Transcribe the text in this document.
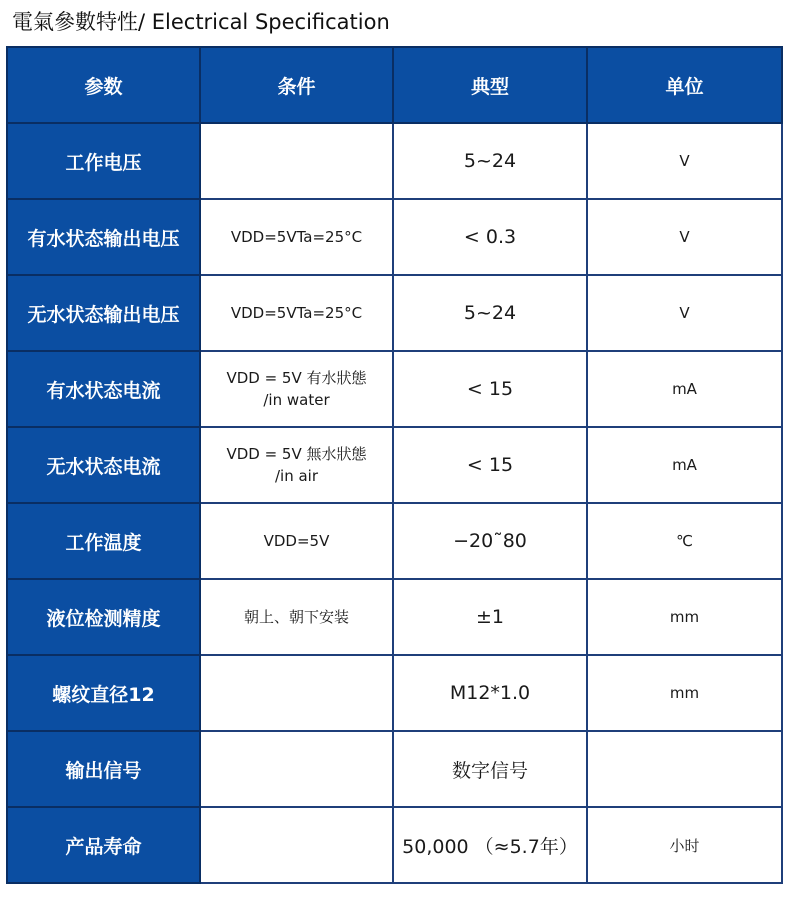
電氣參數特性/ Electrical Specification
参数	条件	典型	单位
工作电压		5~24	V
有水状态输出电压	VDD=5VTa=25°C	< 0.3	V
无水状态输出电压	VDD=5VTa=25°C	5~24	V
有水状态电流	VDD = 5V 有水狀態
/in water	< 15	mA
无水状态电流	VDD = 5V 無水狀態
/in air	< 15	mA
工作温度	VDD=5V	−20˜80	℃
液位检测精度	朝上、朝下安装	±1	mm
螺纹直径12		M12*1.0	mm
输出信号		数字信号	
产品寿命		50,000 （≈5.7年）	小时
